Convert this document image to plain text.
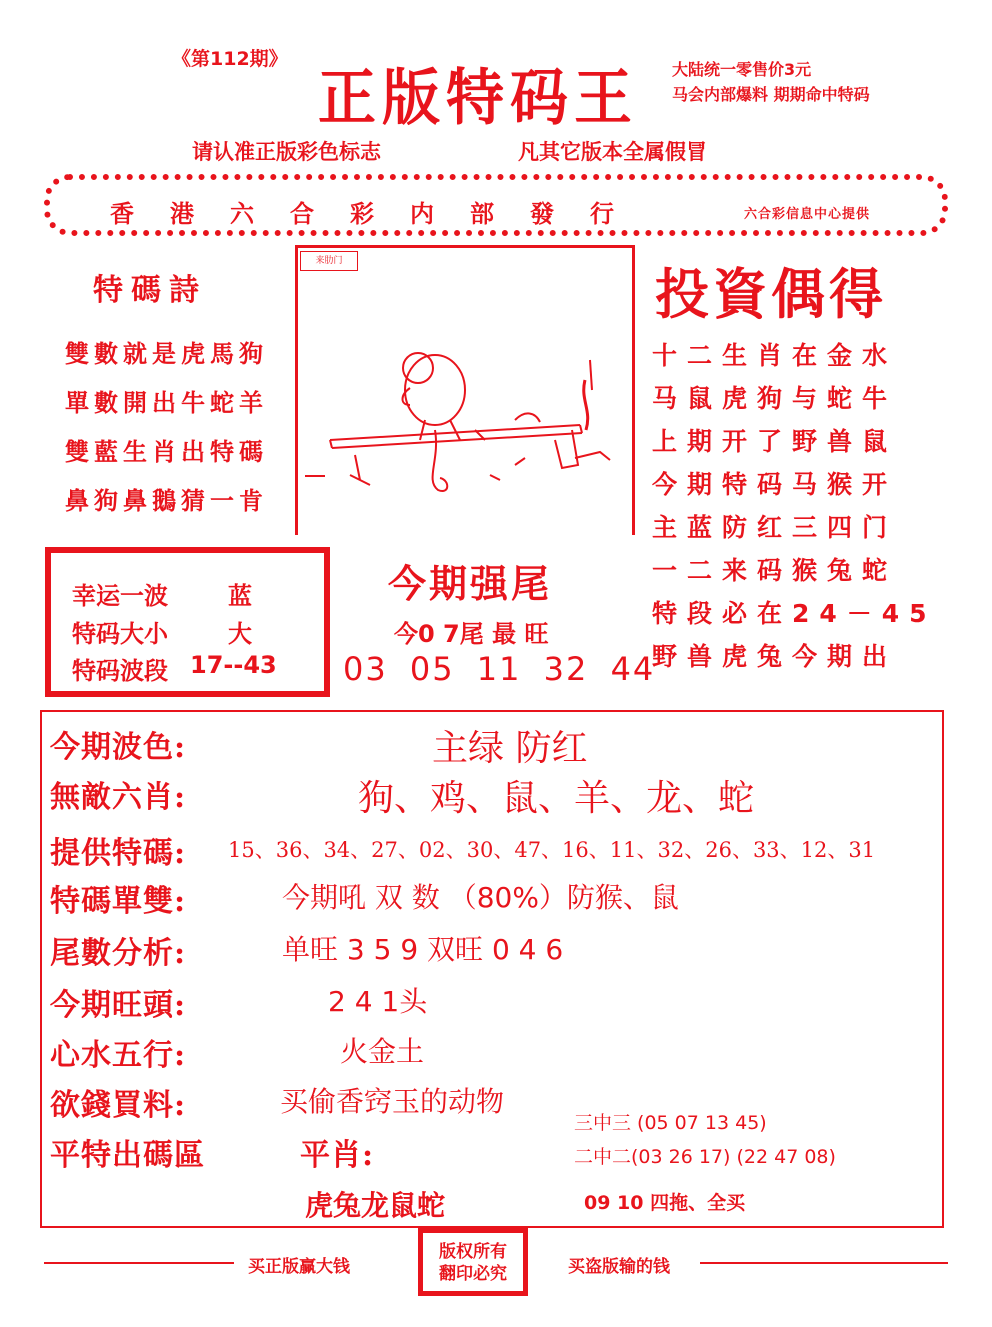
《第112期》
正版特码王 大陆统一零售价3元
马会内部爆料 期期命中特码
请认准正版彩色标志	凡其它版本全属假冒
香港六合彩内部發行	六合彩信息中心提供
特碼詩
雙數就是虎馬狗
單數開出牛蛇羊
雙藍生肖出特碼
鼻狗鼻鵝猜一肯
来肋门
投資偶得
十二生肖在金水
马鼠虎狗与蛇牛
上期开了野兽鼠
今期特码马猴开
主蓝防红三四门
一二来码猴兔蛇
特段必在24－45
野兽虎兔今期出
幸运一波	蓝
特码大小	大
特码波段 17--43
今期强尾
今0 7尾 最 旺
03 05 11 32 44
今期波色:	主绿 防红
無敵六肖:	狗、鸡、鼠、羊、龙、蛇
提供特碼: 15、36、34、27、02、30、47、16、11、32、26、33、12、31
特碼單雙:	今期吼 双 数 （80%）防猴、鼠
尾數分析:	单旺 3 5 9 双旺 0 4 6
今期旺頭:	2 4 1头
心水五行:	火金土
欲錢買料:	买偷香窍玉的动物
平特出碼區	平肖:
虎兔龙鼠蛇
三中三 (05 07 13 45)
二中二(03 26 17) (22 47 08)
09 10 四拖、全买
买正版赢大钱
版权所有
翻印必究	买盗版输的钱
